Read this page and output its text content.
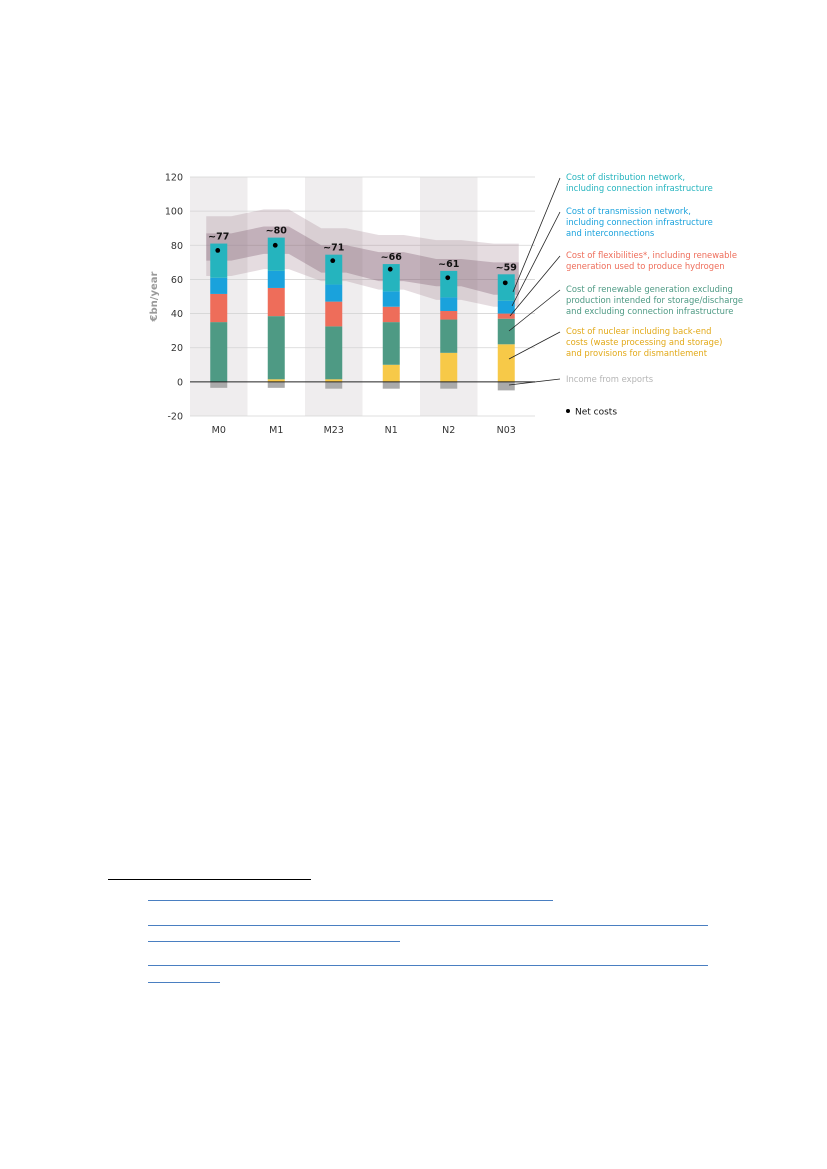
-20
0
20
40
60
80
100
120
€bn/year
~77
M0
~80
M1
~71
M23
~66
N1
~61
N2
~59
N03
Cost of distribution network,
including connection infrastructure
Cost of transmission network,
including connection infrastructure
and interconnections
Cost of flexibilities*, including renewable
generation used to produce hydrogen
Cost of renewable generation excluding
production intended for storage/discharge
and excluding connection infrastructure
Cost of nuclear including back-end
costs (waste processing and storage)
and provisions for dismantlement
Income from exports
Net costs
